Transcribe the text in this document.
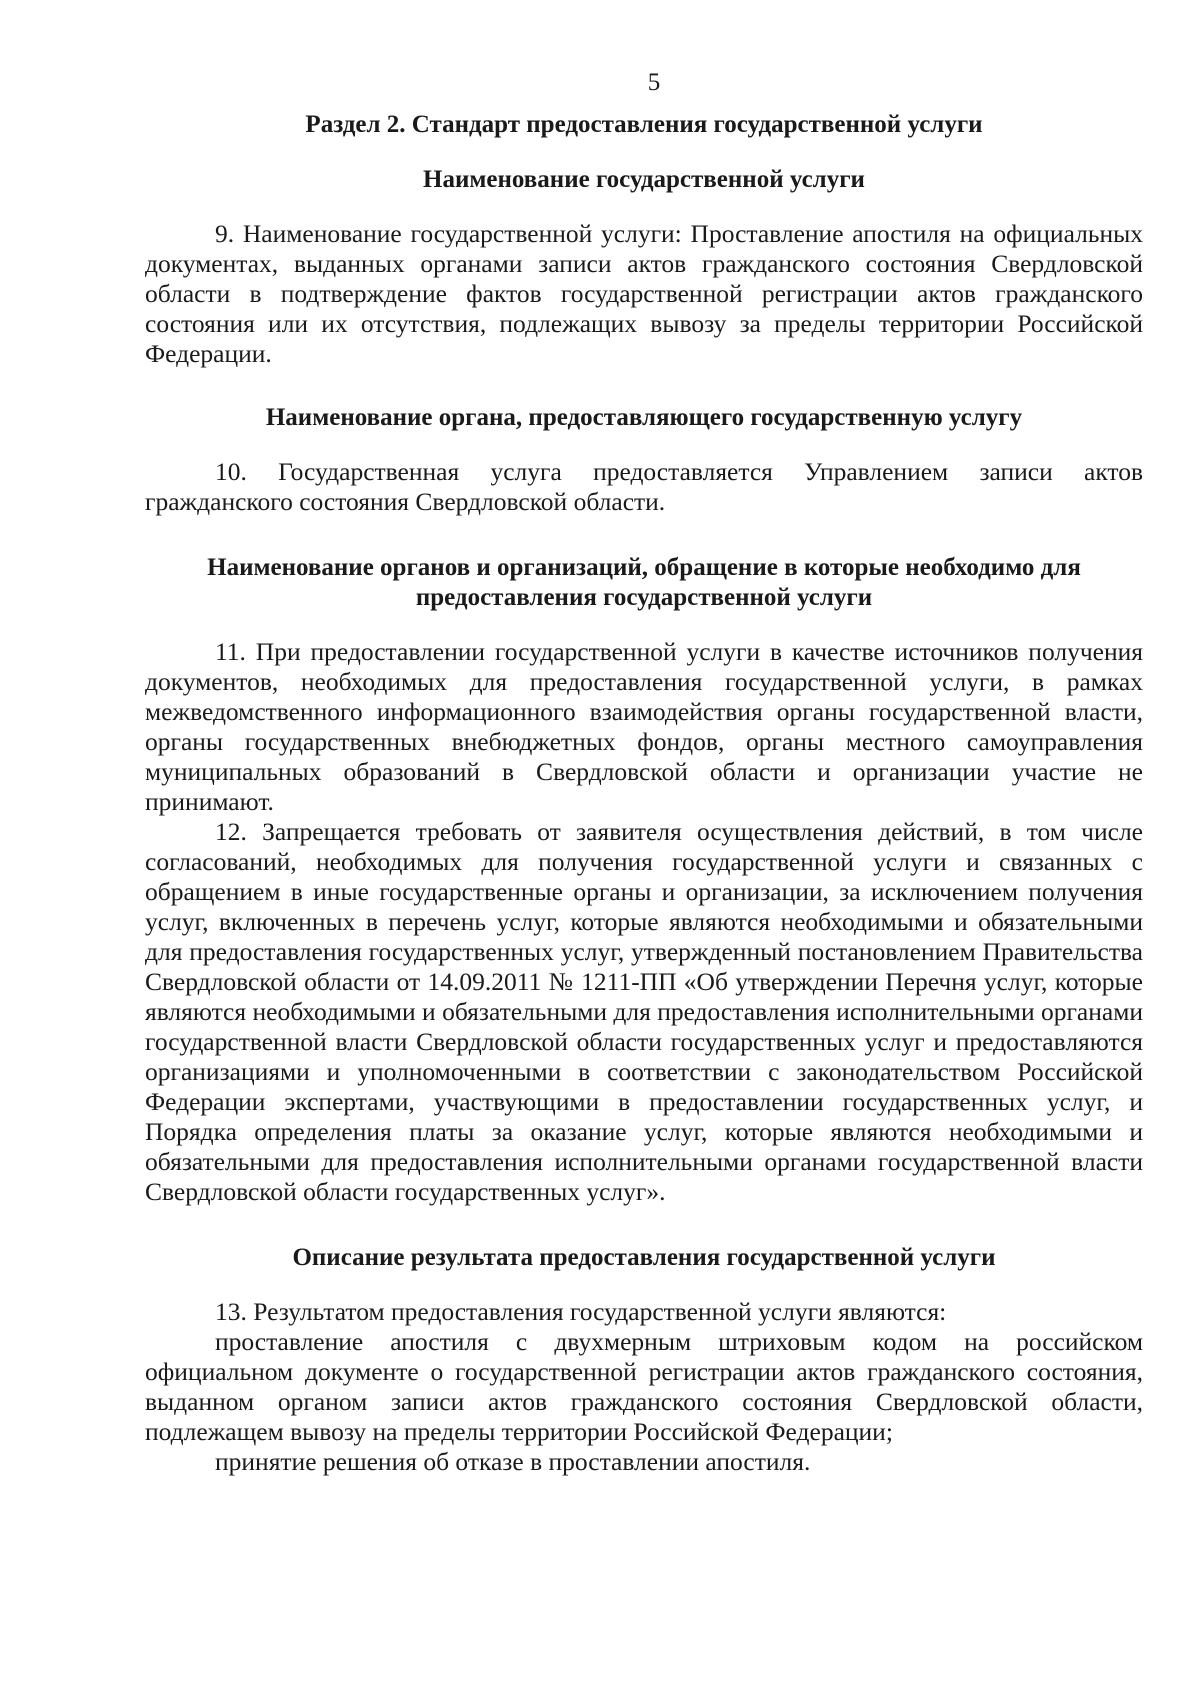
5
Раздел 2. Стандарт предоставления государственной услуги
Наименование государственной услуги

9. Наименование государственной услуги: Проставление апостиля на официальных документах, выданных органами записи актов гражданского состояния Свердловской области в подтверждение фактов государственной регистрации актов гражданского состояния или их отсутствия, подлежащих вывозу за пределы территории Российской Федерации.

Наименование органа, предоставляющего государственную услугу

10. Государственная услуга предоставляется Управлением записи актов гражданского состояния Свердловской области.

Наименование органов и организаций, обращение в которые необходимо для предоставления государственной услуги

11. При предоставлении государственной услуги в качестве источников получения документов, необходимых для предоставления государственной услуги, в рамках межведомственного информационного взаимодействия органы государственной власти, органы государственных внебюджетных фондов, органы местного самоуправления муниципальных образований в Свердловской области и организации участие не принимают.

12. Запрещается требовать от заявителя осуществления действий, в том числе согласований, необходимых для получения государственной услуги и связанных с обращением в иные государственные органы и организации, за исключением получения услуг, включенных в перечень услуг, которые являются необходимыми и обязательными для предоставления государственных услуг, утвержденный постановлением Правительства Свердловской области от 14.09.2011 № 1211-ПП «Об утверждении Перечня услуг, которые являются необходимыми и обязательными для предоставления исполнительными органами государственной власти Свердловской области государственных услуг и предоставляются организациями и уполномоченными в соответствии с законодательством Российской Федерации экспертами, участвующими в предоставлении государственных услуг, и Порядка определения платы за оказание услуг, которые являются необходимыми и обязательными для предоставления исполнительными органами государственной власти Свердловской области государственных услуг».

Описание результата предоставления государственной услуги

13. Результатом предоставления государственной услуги являются:

проставление апостиля с двухмерным штриховым кодом на российском официальном документе о государственной регистрации актов гражданского состояния, выданном органом записи актов гражданского состояния Свердловской области, подлежащем вывозу на пределы территории Российской Федерации;

принятие решения об отказе в проставлении апостиля.
